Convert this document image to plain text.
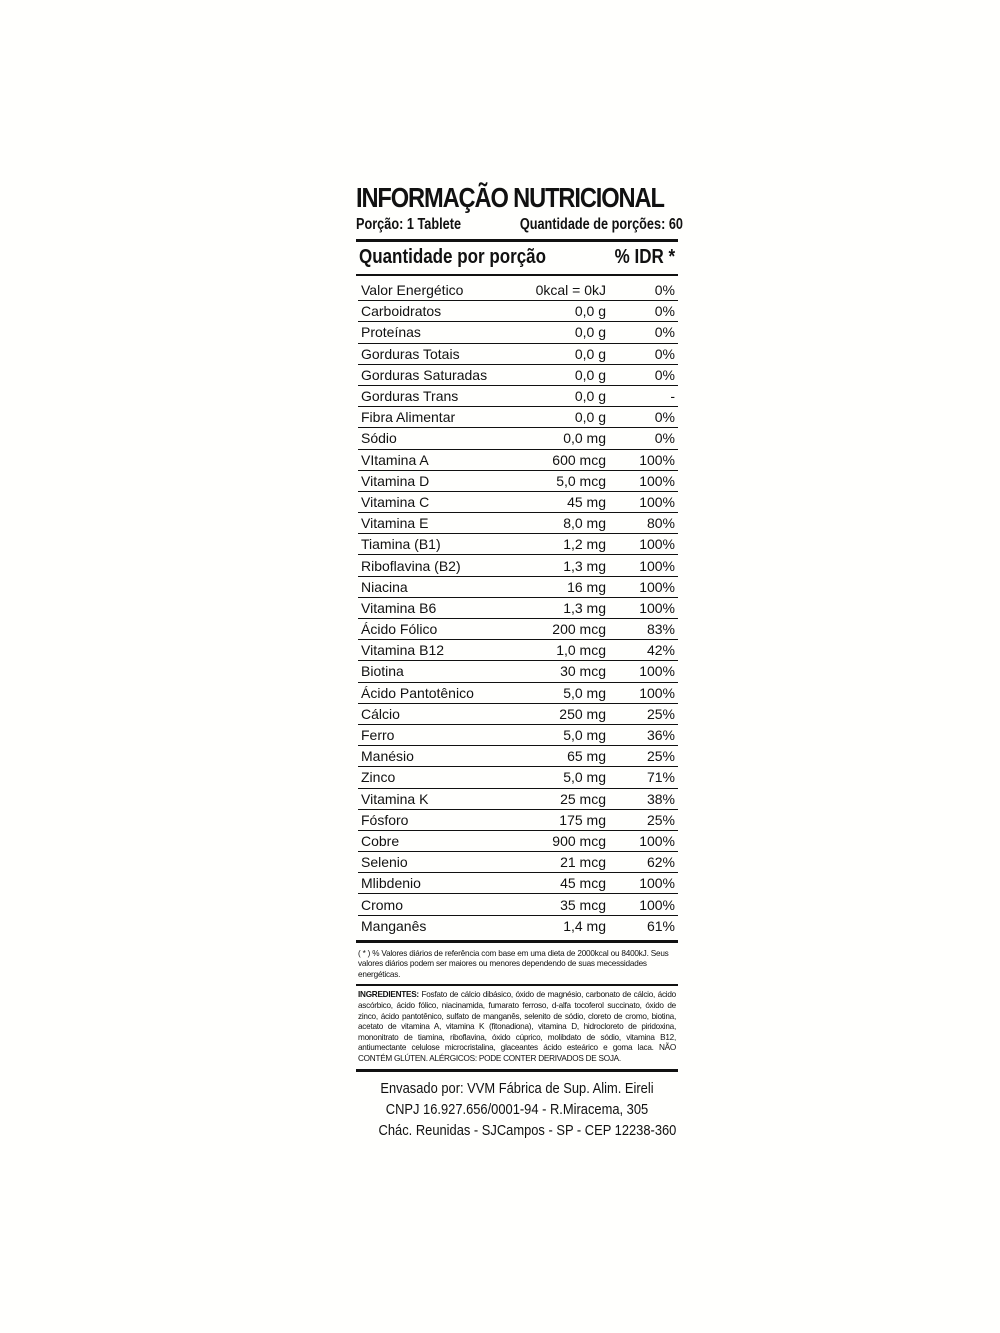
INFORMAÇÃO NUTRICIONAL
Porção: 1 Tablete	Quantidade de porções: 60
Quantidade por porção	% IDR *
Valor Energético	0kcal = 0kJ	0%
Carboidratos	0,0 g	0%
Proteínas	0,0 g	0%
Gorduras Totais	0,0 g	0%
Gorduras Saturadas	0,0 g	0%
Gorduras Trans	0,0 g	-
Fibra Alimentar	0,0 g	0%
Sódio	0,0 mg	0%
VItamina A	600 mcg	100%
Vitamina D	5,0 mcg	100%
Vitamina C	45 mg	100%
Vitamina E	8,0 mg	80%
Tiamina (B1)	1,2 mg	100%
Riboflavina (B2)	1,3 mg	100%
Niacina	16 mg	100%
Vitamina B6	1,3 mg	100%
Ácido Fólico	200 mcg	83%
Vitamina B12	1,0 mcg	42%
Biotina	30 mcg	100%
Ácido Pantotênico	5,0 mg	100%
Cálcio	250 mg	25%
Ferro	5,0 mg	36%
Manésio	65 mg	25%
Zinco	5,0 mg	71%
Vitamina K	25 mcg	38%
Fósforo	175 mg	25%
Cobre	900 mcg	100%
Selenio	21 mcg	62%
Mlibdenio	45 mcg	100%
Cromo	35 mcg	100%
Manganês	1,4 mg	61%
( * ) % Valores diários de referência com base em uma dieta de 2000kcal ou 8400kJ. Seus valores diários podem ser maiores ou menores dependendo de suas mecessidades energéticas.
INGREDIENTES: Fosfato de cálcio dibásico, óxido de magnésio, carbonato de cálcio, ácido ascórbico, ácido fólico, niacinamida, fumarato ferroso, d-alfa tocoferol succinato, óxido de zinco, ácido pantotênico, sulfato de manganês, selenito de sódio, cloreto de cromo, biotina, acetato de vitamina A, vitamina K (fitonadiona), vitamina D, hidrocloreto de piridoxina, mononitrato de tiamina, riboflavina, óxido cúprico, molibdato de sódio, vitamina B12, antiumectante celulose microcristalina, glaceantes ácido esteárico e goma laca. NÃO CONTÉM GLÚTEN. ALÉRGICOS: PODE CONTER DERIVADOS DE SOJA.
Envasado por: VVM Fábrica de Sup. Alim. Eireli
CNPJ 16.927.656/0001-94 - R.Miracema, 305
Chác. Reunidas - SJCampos - SP - CEP 12238-360
